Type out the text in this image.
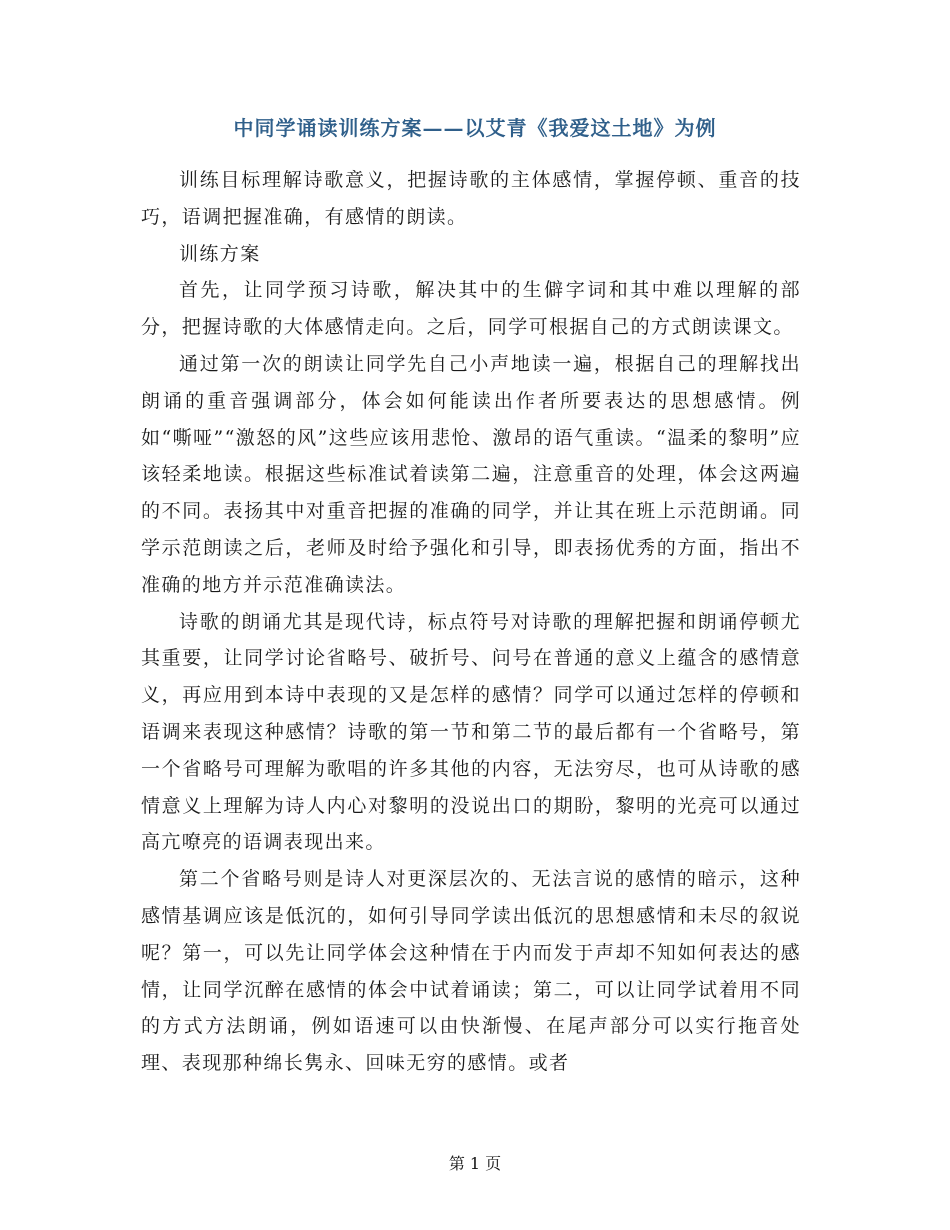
中同学诵读训练方案——以艾青《我爱这土地》为例

训练目标理解诗歌意义，把握诗歌的主体感情，掌握停顿、重音的技巧，语调把握准确，有感情的朗读。

训练方案

首先，让同学预习诗歌，解决其中的生僻字词和其中难以理解的部分，把握诗歌的大体感情走向。之后，同学可根据自己的方式朗读课文。

通过第一次的朗读让同学先自己小声地读一遍，根据自己的理解找出朗诵的重音强调部分，体会如何能读出作者所要表达的思想感情。例如“嘶哑”“激怒的风”这些应该用悲怆、激昂的语气重读。“温柔的黎明”应该轻柔地读。根据这些标准试着读第二遍，注意重音的处理，体会这两遍的不同。表扬其中对重音把握的准确的同学，并让其在班上示范朗诵。同学示范朗读之后，老师及时给予强化和引导，即表扬优秀的方面，指出不准确的地方并示范准确读法。

诗歌的朗诵尤其是现代诗，标点符号对诗歌的理解把握和朗诵停顿尤其重要，让同学讨论省略号、破折号、问号在普通的意义上蕴含的感情意义，再应用到本诗中表现的又是怎样的感情？同学可以通过怎样的停顿和语调来表现这种感情？诗歌的第一节和第二节的最后都有一个省略号，第一个省略号可理解为歌唱的许多其他的内容，无法穷尽，也可从诗歌的感情意义上理解为诗人内心对黎明的没说出口的期盼，黎明的光亮可以通过高亢嘹亮的语调表现出来。

第二个省略号则是诗人对更深层次的、无法言说的感情的暗示，这种感情基调应该是低沉的，如何引导同学读出低沉的思想感情和未尽的叙说呢？第一，可以先让同学体会这种情在于内而发于声却不知如何表达的感情，让同学沉醉在感情的体会中试着诵读；第二，可以让同学试着用不同的方式方法朗诵，例如语速可以由快渐慢、在尾声部分可以实行拖音处理、表现那种绵长隽永、回味无穷的感情。或者

第 1 页
